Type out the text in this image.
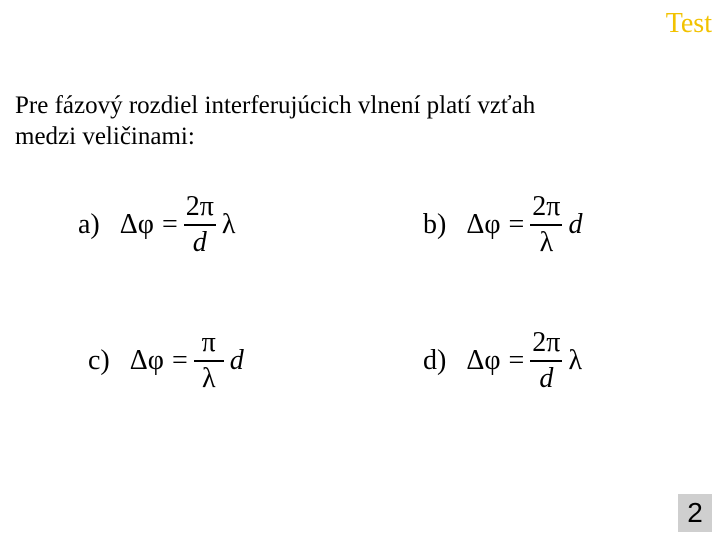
Test
Pre fázový rozdiel interferujúcich vlnení platí vzťah
medzi veličinami:
a) $\Delta\varphi = \frac{2\pi}{d}$ λ	b) $\Delta\varphi = \frac{2\pi}{\lambda}$ d
c) $\Delta\varphi = \frac{\pi}{\lambda}$ d	d) $\Delta\varphi = \frac{2\pi}{d}$ λ
2
